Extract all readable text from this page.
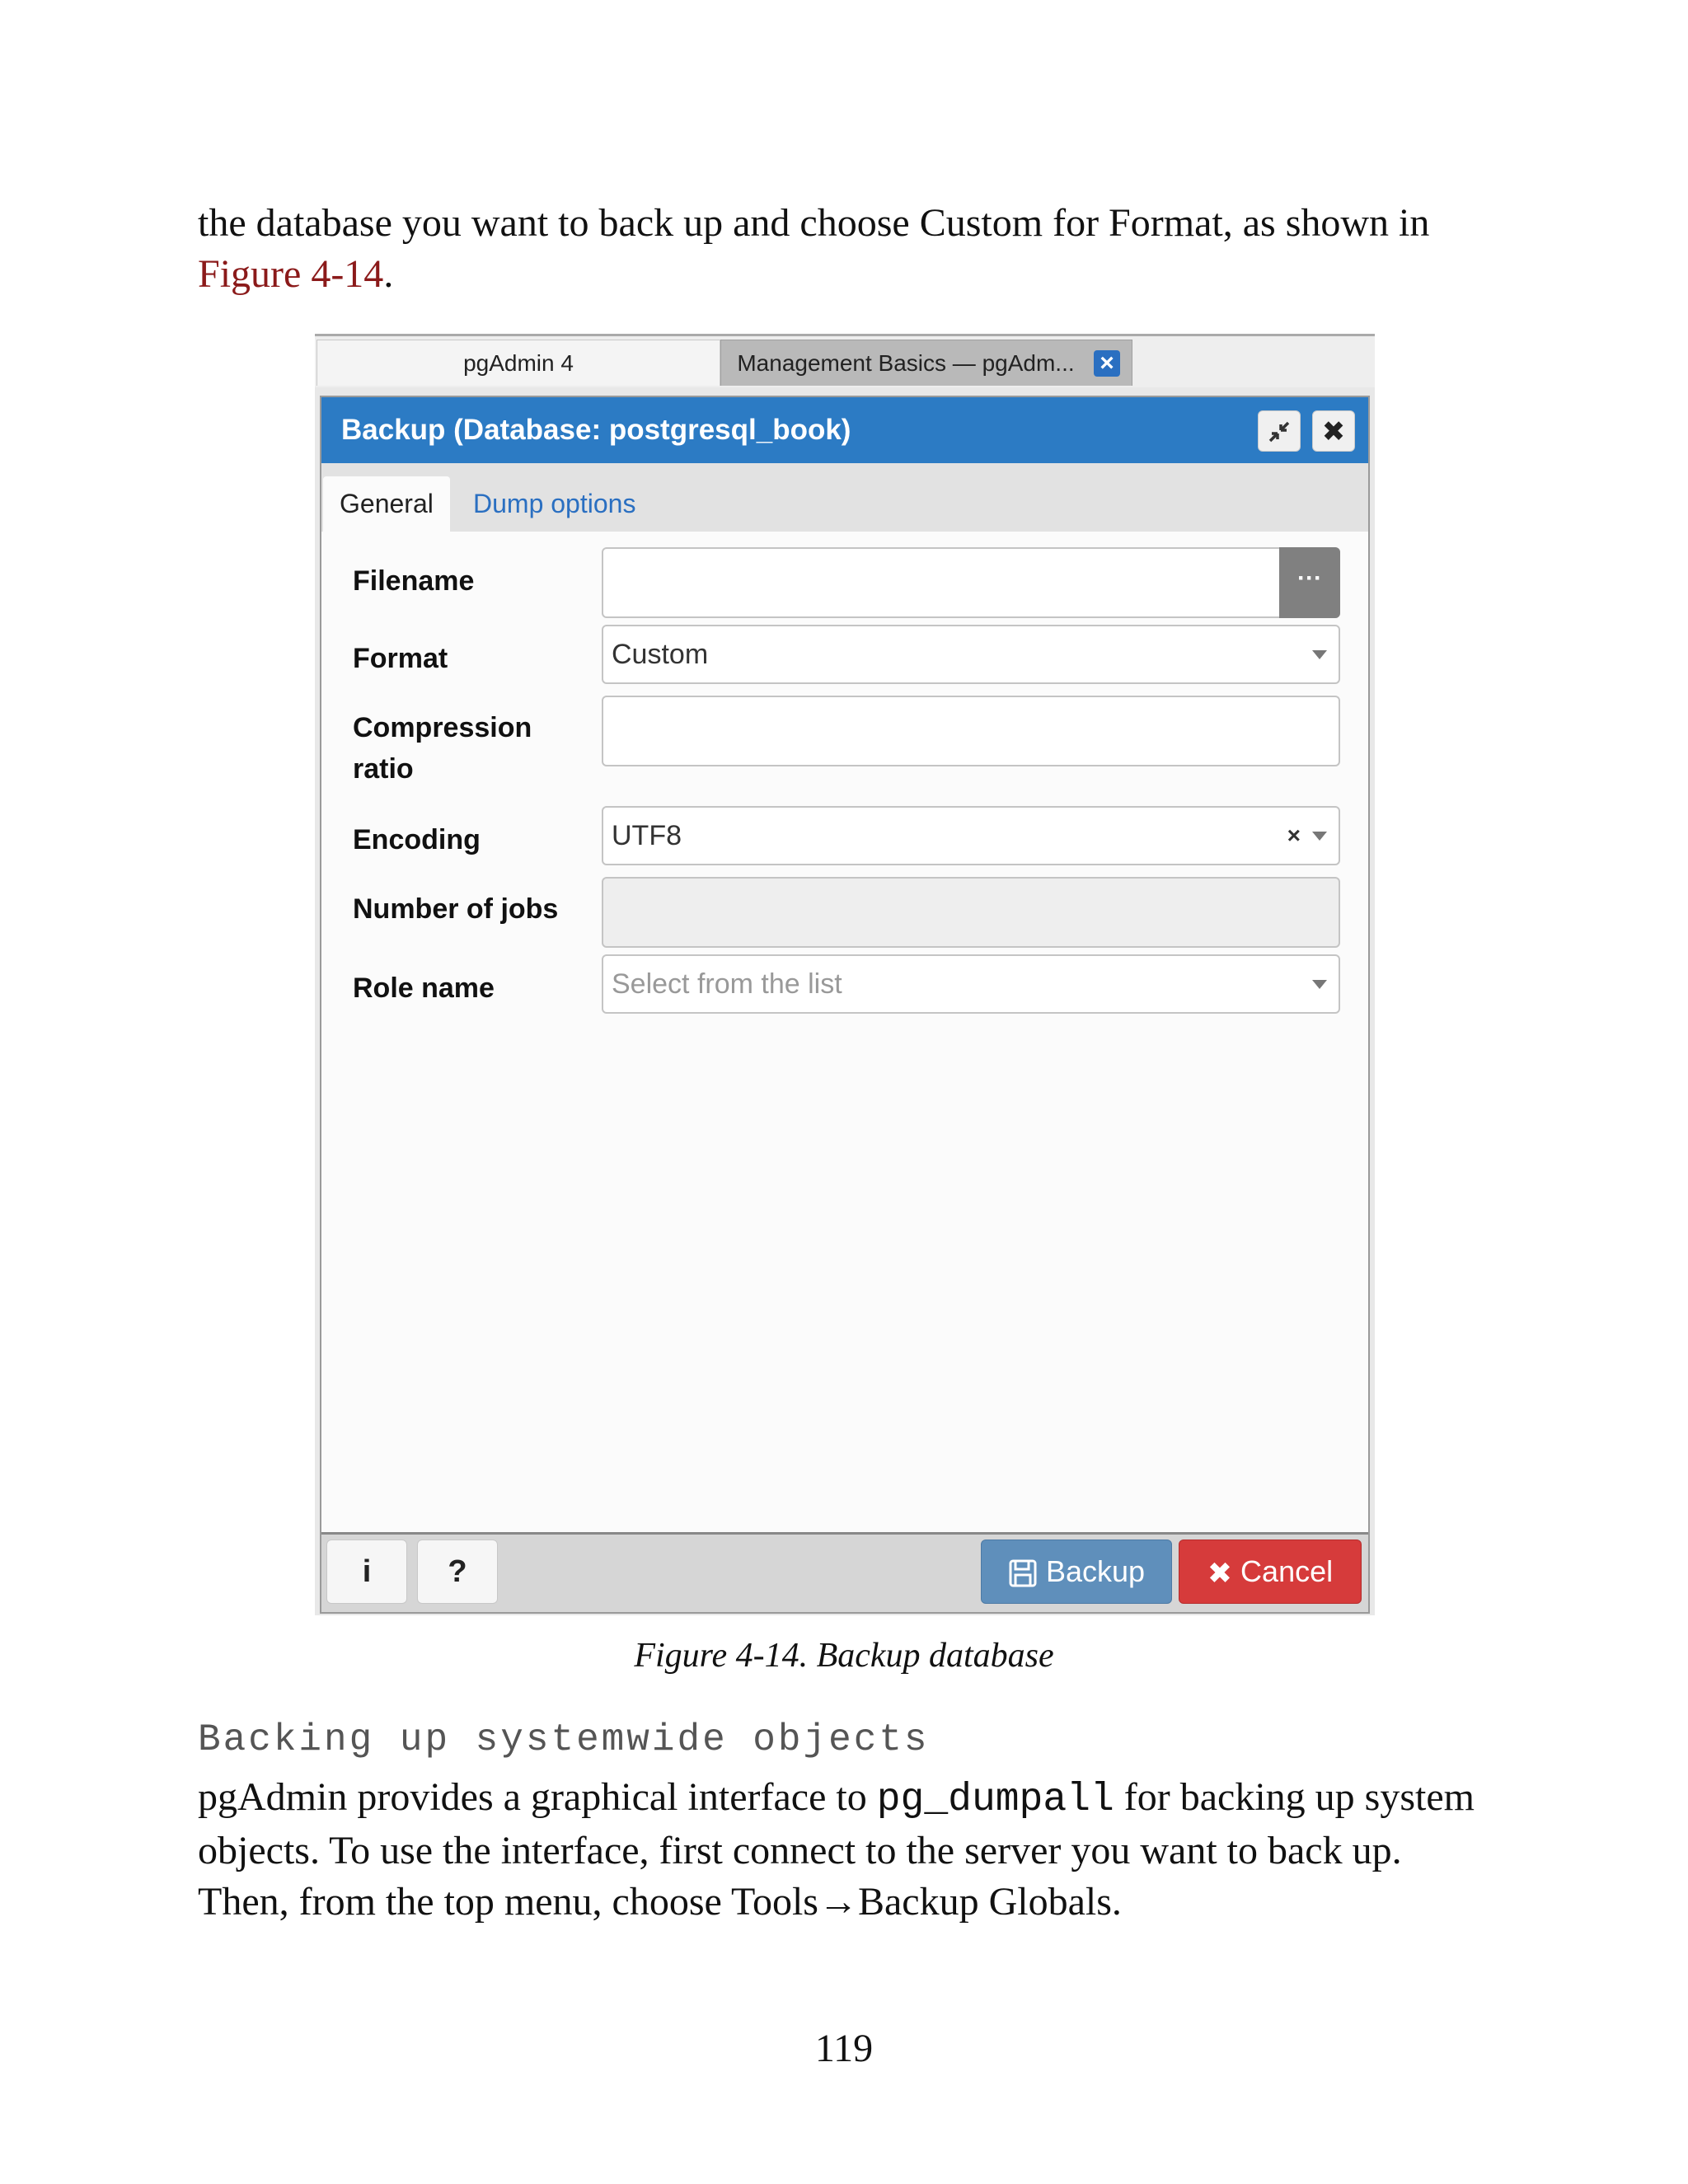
the database you want to back up and choose Custom for Format, as shown in
Figure 4-14.

pgAdmin 4	Management Basics — pgAdm... ×
Backup (Database: postgresql_book)	✖
General	Dump options
Filename	···
Format	Custom
Compression
ratio
Encoding	UTF8	×
Number of jobs
Role name	Select from the list
i	?	Backup	✖ Cancel
Figure 4-14. Backup database
Backing up systemwide objects

pgAdmin provides a graphical interface to pg_dumpall for backing up system objects. To use the interface, first connect to the server you want to back up. Then, from the top menu, choose Tools→Backup Globals.

119
